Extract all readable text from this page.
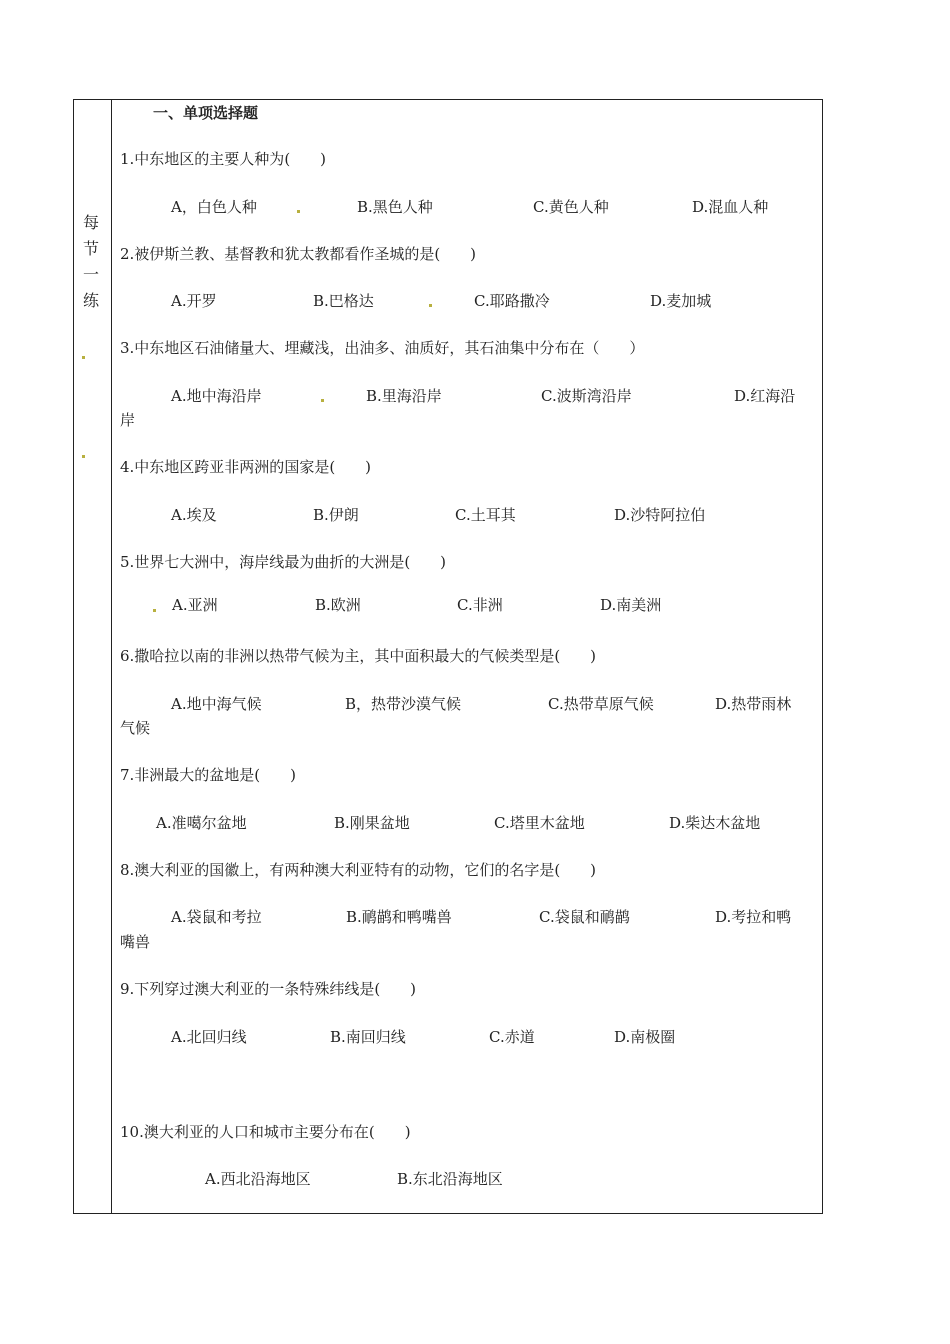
每
节
一
练
一、单项选择题
1.中东地区的主要人种为(　　)
A，白色人种	B.黑色人种	C.黄色人种	D.混血人种
2.被伊斯兰教、基督教和犹太教都看作圣城的是(　　)
A.开罗	B.巴格达	C.耶路撒冷	D.麦加城
3.中东地区石油储量大、埋藏浅，出油多、油质好，其石油集中分布在（　　）
A.地中海沿岸	B.里海沿岸	C.波斯湾沿岸	D.红海沿
岸
4.中东地区跨亚非两洲的国家是(　　)
A.埃及	B.伊朗	C.土耳其	D.沙特阿拉伯
5.世界七大洲中，海岸线最为曲折的大洲是(　　)
A.亚洲	B.欧洲	C.非洲	D.南美洲
6.撒哈拉以南的非洲以热带气候为主，其中面积最大的气候类型是(　　)
A.地中海气候	B，热带沙漠气候	C.热带草原气候	D.热带雨林
气候
7.非洲最大的盆地是(　　)
A.准噶尔盆地	B.刚果盆地	C.塔里木盆地	D.柴达木盆地
8.澳大利亚的国徽上，有两种澳大利亚特有的动物，它们的名字是(　　)
A.袋鼠和考拉	B.鸸鹋和鸭嘴兽	C.袋鼠和鸸鹋	D.考拉和鸭
嘴兽
9.下列穿过澳大利亚的一条特殊纬线是(　　)
A.北回归线	B.南回归线	C.赤道	D.南极圈
10.澳大利亚的人口和城市主要分布在(　　)
A.西北沿海地区	B.东北沿海地区
